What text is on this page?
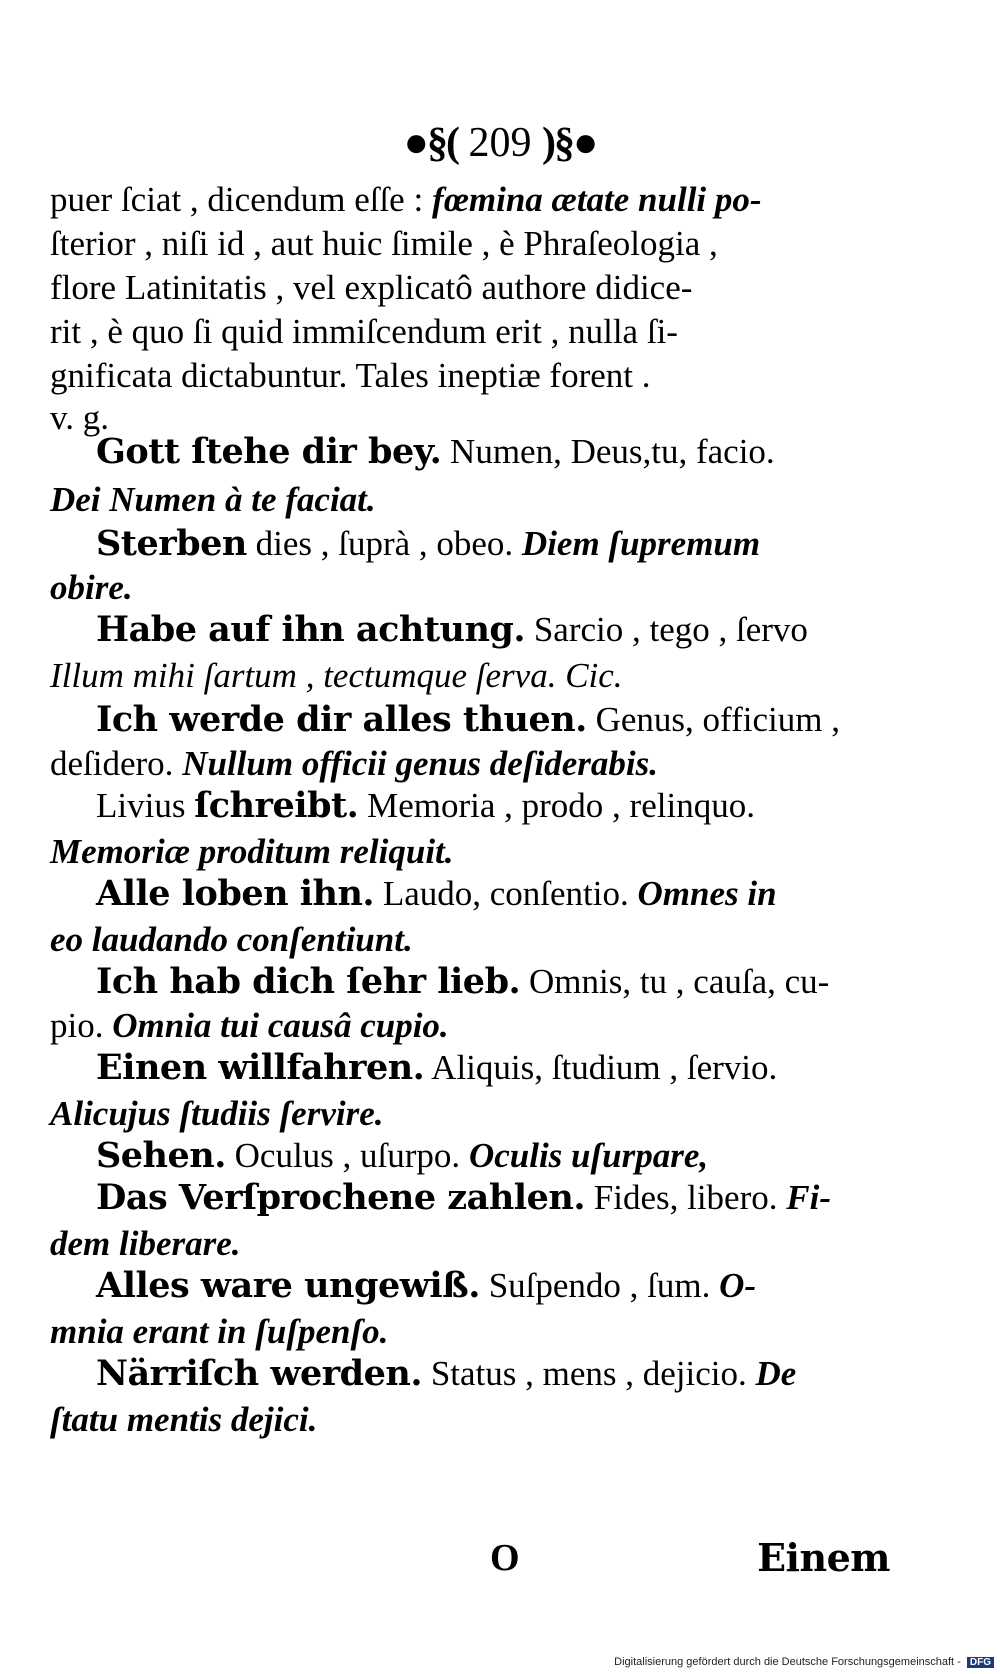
●§( 209 )§●
puer ſciat , dicendum eſſe : fœmina ætate nulli po-
ſterior , niſi id , aut huic ſimile , è Phraſeologia ,
flore Latinitatis , vel explicatô authore didice-
rit , è quo ſi quid immiſcendum erit , nulla ſi-
gnificata dictabuntur. Tales ineptiæ forent .
v. g.
Gott ſtehe dir bey. Numen, Deus,tu, facio.
Dei Numen à te faciat.
Sterben dies , ſuprà , obeo. Diem ſupremum
obire.
Habe auf ihn achtung. Sarcio , tego , ſervo
Illum mihi ſartum , tectumque ſerva. Cic.
Ich werde dir alles thuen. Genus, officium ,
deſidero. Nullum officii genus deſiderabis.
Livius ſchreibt. Memoria , prodo , relinquo.
Memoriæ proditum reliquit.
Alle loben ihn. Laudo, conſentio. Omnes in
eo laudando conſentiunt.
Ich hab dich ſehr lieb. Omnis, tu , cauſa, cu-
pio. Omnia tui causâ cupio.
Einen willfahren. Aliquis, ſtudium , ſervio.
Alicujus ſtudiis ſervire.
Sehen. Oculus , uſurpo. Oculis uſurpare,
Das Verſprochene zahlen. Fides, libero. Fi-
dem liberare.
Alles ware ungewiß. Suſpendo , ſum. O-
mnia erant in ſuſpenſo.
Närriſch werden. Status , mens , dejicio. De
ſtatu mentis dejici.
O	Einem
Digitalisierung gefördert durch die Deutsche Forschungsgemeinschaft - DFG
